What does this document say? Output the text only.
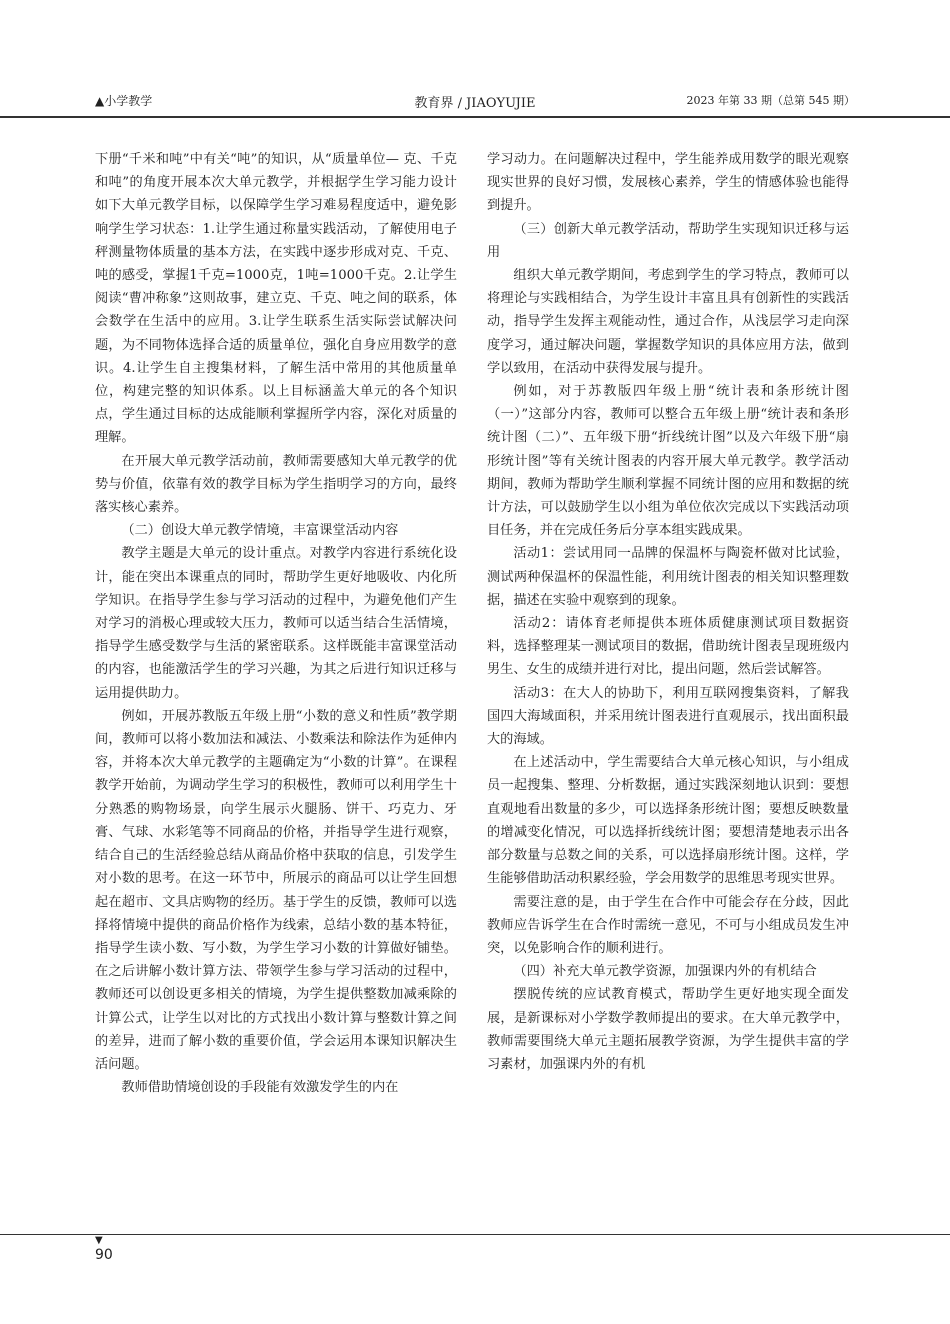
▲小学教学	教育界 / JIAOYUJIE	2023 年第 33 期（总第 545 期）

下册“千米和吨”中有关“吨”的知识，从“质量单位— 克、千克和吨”的角度开展本次大单元教学，并根据学生学习能力设计如下大单元教学目标，以保障学生学习难易程度适中，避免影响学生学习状态：1.让学生通过称量实践活动，了解使用电子秤测量物体质量的基本方法，在实践中逐步形成对克、千克、吨的感受，掌握1千克=1000克，1吨=1000千克。2.让学生阅读“曹冲称象”这则故事，建立克、千克、吨之间的联系，体会数学在生活中的应用。3.让学生联系生活实际尝试解决问题，为不同物体选择合适的质量单位，强化自身应用数学的意识。4.让学生自主搜集材料，了解生活中常用的其他质量单位，构建完整的知识体系。以上目标涵盖大单元的各个知识点，学生通过目标的达成能顺利掌握所学内容，深化对质量的理解。

在开展大单元教学活动前，教师需要感知大单元教学的优势与价值，依靠有效的教学目标为学生指明学习的方向，最终落实核心素养。

（二）创设大单元教学情境，丰富课堂活动内容

教学主题是大单元的设计重点。对教学内容进行系统化设计，能在突出本课重点的同时，帮助学生更好地吸收、内化所学知识。在指导学生参与学习活动的过程中，为避免他们产生对学习的消极心理或较大压力，教师可以适当结合生活情境，指导学生感受数学与生活的紧密联系。这样既能丰富课堂活动的内容，也能激活学生的学习兴趣，为其之后进行知识迁移与运用提供助力。

例如，开展苏教版五年级上册“小数的意义和性质”教学期间，教师可以将小数加法和减法、小数乘法和除法作为延伸内容，并将本次大单元教学的主题确定为“小数的计算”。在课程教学开始前，为调动学生学习的积极性，教师可以利用学生十分熟悉的购物场景，向学生展示火腿肠、饼干、巧克力、牙膏、气球、水彩笔等不同商品的价格，并指导学生进行观察，结合自己的生活经验总结从商品价格中获取的信息，引发学生对小数的思考。在这一环节中，所展示的商品可以让学生回想起在超市、文具店购物的经历。基于学生的反馈，教师可以选择将情境中提供的商品价格作为线索，总结小数的基本特征，指导学生读小数、写小数，为学生学习小数的计算做好铺垫。在之后讲解小数计算方法、带领学生参与学习活动的过程中，教师还可以创设更多相关的情境，为学生提供整数加减乘除的计算公式，让学生以对比的方式找出小数计算与整数计算之间的差异，进而了解小数的重要价值，学会运用本课知识解决生活问题。

教师借助情境创设的手段能有效激发学生的内在

学习动力。在问题解决过程中，学生能养成用数学的眼光观察现实世界的良好习惯，发展核心素养，学生的情感体验也能得到提升。

（三）创新大单元教学活动，帮助学生实现知识迁移与运用

组织大单元教学期间，考虑到学生的学习特点，教师可以将理论与实践相结合，为学生设计丰富且具有创新性的实践活动，指导学生发挥主观能动性，通过合作，从浅层学习走向深度学习，通过解决问题，掌握数学知识的具体应用方法，做到学以致用，在活动中获得发展与提升。

例如，对于苏教版四年级上册“统计表和条形统计图（一）”这部分内容，教师可以整合五年级上册“统计表和条形统计图（二）”、五年级下册“折线统计图”以及六年级下册“扇形统计图”等有关统计图表的内容开展大单元教学。教学活动期间，教师为帮助学生顺利掌握不同统计图的应用和数据的统计方法，可以鼓励学生以小组为单位依次完成以下实践活动项目任务，并在完成任务后分享本组实践成果。

活动1：尝试用同一品牌的保温杯与陶瓷杯做对比试验，测试两种保温杯的保温性能，利用统计图表的相关知识整理数据，描述在实验中观察到的现象。

活动2：请体育老师提供本班体质健康测试项目数据资料，选择整理某一测试项目的数据，借助统计图表呈现班级内男生、女生的成绩并进行对比，提出问题，然后尝试解答。

活动3：在大人的协助下，利用互联网搜集资料，了解我国四大海域面积，并采用统计图表进行直观展示，找出面积最大的海域。

在上述活动中，学生需要结合大单元核心知识，与小组成员一起搜集、整理、分析数据，通过实践深刻地认识到：要想直观地看出数量的多少，可以选择条形统计图；要想反映数量的增减变化情况，可以选择折线统计图；要想清楚地表示出各部分数量与总数之间的关系，可以选择扇形统计图。这样，学生能够借助活动积累经验，学会用数学的思维思考现实世界。

需要注意的是，由于学生在合作中可能会存在分歧，因此教师应告诉学生在合作时需统一意见，不可与小组成员发生冲突，以免影响合作的顺利进行。

（四）补充大单元教学资源，加强课内外的有机结合

摆脱传统的应试教育模式，帮助学生更好地实现全面发展，是新课标对小学数学教师提出的要求。在大单元教学中，教师需要围绕大单元主题拓展教学资源，为学生提供丰富的学习素材，加强课内外的有机

▼
90
